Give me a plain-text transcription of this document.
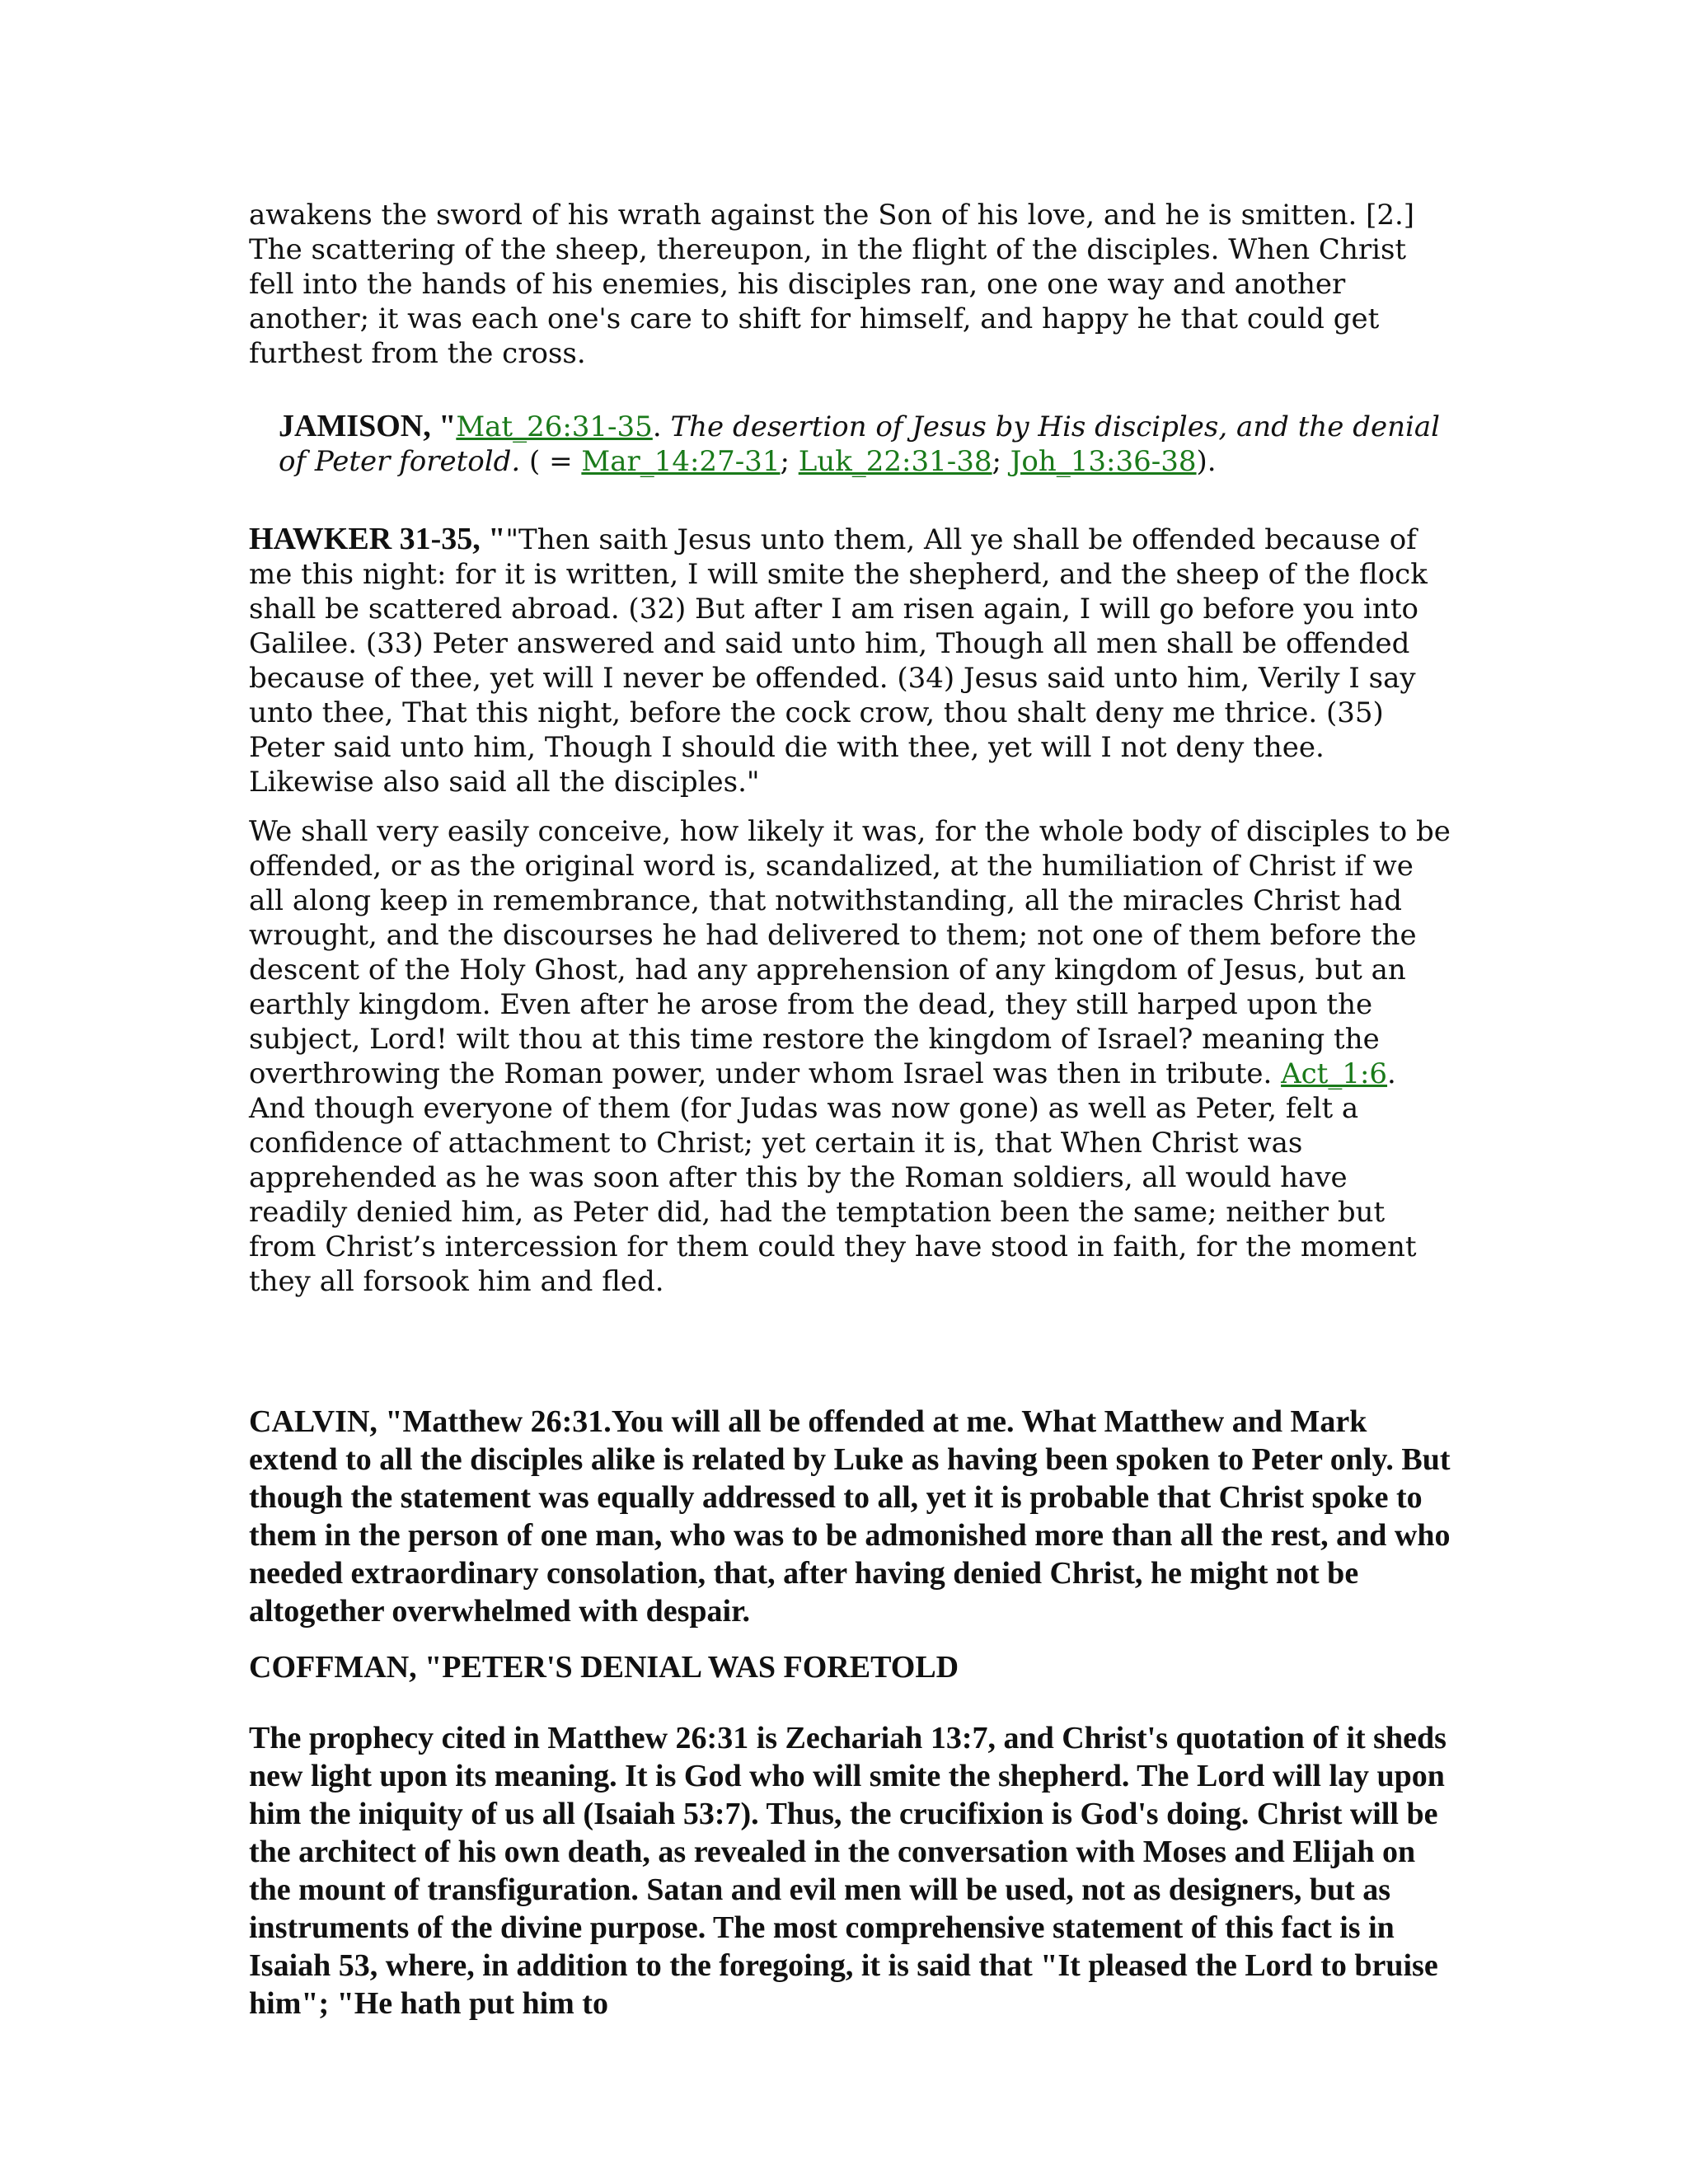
awakens the sword of his wrath against the Son of his love, and he is smitten. [2.] The scattering of the sheep, thereupon, in the flight of the disciples. When Christ fell into the hands of his enemies, his disciples ran, one one way and another another; it was each one's care to shift for himself, and happy he that could get furthest from the cross.

JAMISON, "Mat_26:31-35. The desertion of Jesus by His disciples, and the denial of Peter foretold. ( = Mar_14:27-31; Luk_22:31-38; Joh_13:36-38).

HAWKER 31-35, ""Then saith Jesus unto them, All ye shall be offended because of me this night: for it is written, I will smite the shepherd, and the sheep of the flock shall be scattered abroad. (32) But after I am risen again, I will go before you into Galilee. (33) Peter answered and said unto him, Though all men shall be offended because of thee, yet will I never be offended. (34) Jesus said unto him, Verily I say unto thee, That this night, before the cock crow, thou shalt deny me thrice. (35) Peter said unto him, Though I should die with thee, yet will I not deny thee. Likewise also said all the disciples."

We shall very easily conceive, how likely it was, for the whole body of disciples to be offended, or as the original word is, scandalized, at the humiliation of Christ if we all along keep in remembrance, that notwithstanding, all the miracles Christ had wrought, and the discourses he had delivered to them; not one of them before the descent of the Holy Ghost, had any apprehension of any kingdom of Jesus, but an earthly kingdom. Even after he arose from the dead, they still harped upon the subject, Lord! wilt thou at this time restore the kingdom of Israel? meaning the overthrowing the Roman power, under whom Israel was then in tribute. Act_1:6. And though everyone of them (for Judas was now gone) as well as Peter, felt a confidence of attachment to Christ; yet certain it is, that When Christ was apprehended as he was soon after this by the Roman soldiers, all would have readily denied him, as Peter did, had the temptation been the same; neither but from Christ’s intercession for them could they have stood in faith, for the moment they all forsook him and fled.

CALVIN, "Matthew 26:31.You will all be offended at me. What Matthew and Mark extend to all the disciples alike is related by Luke as having been spoken to Peter only. But though the statement was equally addressed to all, yet it is probable that Christ spoke to them in the person of one man, who was to be admonished more than all the rest, and who needed extraordinary consolation, that, after having denied Christ, he might not be altogether overwhelmed with despair.

COFFMAN, "PETER'S DENIAL WAS FORETOLD

The prophecy cited in Matthew 26:31 is Zechariah 13:7, and Christ's quotation of it sheds new light upon its meaning. It is God who will smite the shepherd. The Lord will lay upon him the iniquity of us all (Isaiah 53:7). Thus, the crucifixion is God's doing. Christ will be the architect of his own death, as revealed in the conversation with Moses and Elijah on the mount of transfiguration. Satan and evil men will be used, not as designers, but as instruments of the divine purpose. The most comprehensive statement of this fact is in Isaiah 53, where, in addition to the foregoing, it is said that "It pleased the Lord to bruise him"; "He hath put him to
